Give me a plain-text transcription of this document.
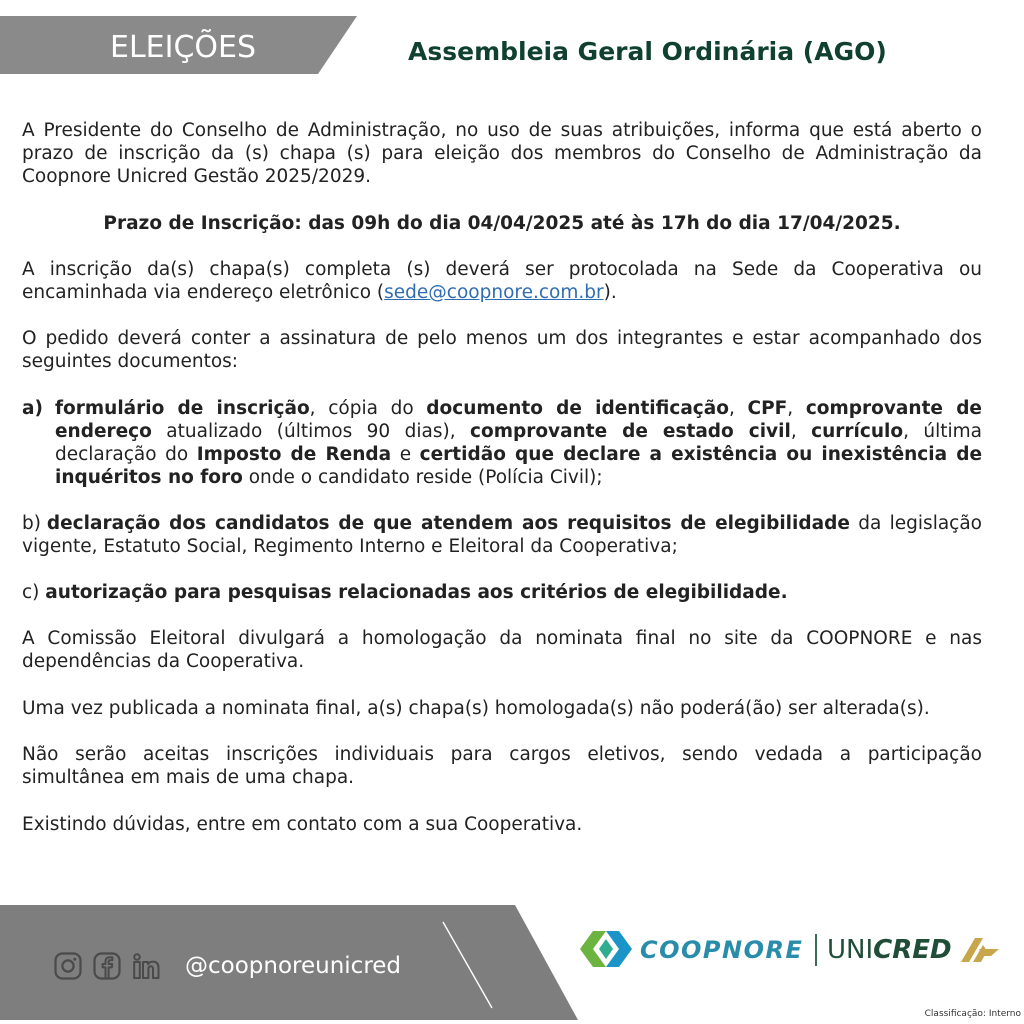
ELEIÇÕES	Assembleia Geral Ordinária (AGO)
A Presidente do Conselho de Administração, no uso de suas atribuições, informa que está aberto o
prazo de inscrição da (s) chapa (s) para eleição dos membros do Conselho de Administração da
Coopnore Unicred Gestão 2025/2029.
Prazo de Inscrição: das 09h do dia 04/04/2025 até às 17h do dia 17/04/2025.
A inscrição da(s) chapa(s) completa (s) deverá ser protocolada na Sede da Cooperativa ou
encaminhada via endereço eletrônico (sede@coopnore.com.br).
O pedido deverá conter a assinatura de pelo menos um dos integrantes e estar acompanhado dos
seguintes documentos:
a) formulário de inscrição, cópia do documento de identificação, CPF, comprovante de
endereço atualizado (últimos 90 dias), comprovante de estado civil, currículo, última
declaração do Imposto de Renda e certidão que declare a existência ou inexistência de
inquéritos no foro onde o candidato reside (Polícia Civil);
b) declaração dos candidatos de que atendem aos requisitos de elegibilidade da legislação
vigente, Estatuto Social, Regimento Interno e Eleitoral da Cooperativa;
c) autorização para pesquisas relacionadas aos critérios de elegibilidade.
A Comissão Eleitoral divulgará a homologação da nominata final no site da COOPNORE e nas
dependências da Cooperativa.
Uma vez publicada a nominata final, a(s) chapa(s) homologada(s) não poderá(ão) ser alterada(s).
Não serão aceitas inscrições individuais para cargos eletivos, sendo vedada a participação
simultânea em mais de uma chapa.
Existindo dúvidas, entre em contato com a sua Cooperativa.
@coopnoreunicred
COOPNORE UNICRED
Classificação: Interno
